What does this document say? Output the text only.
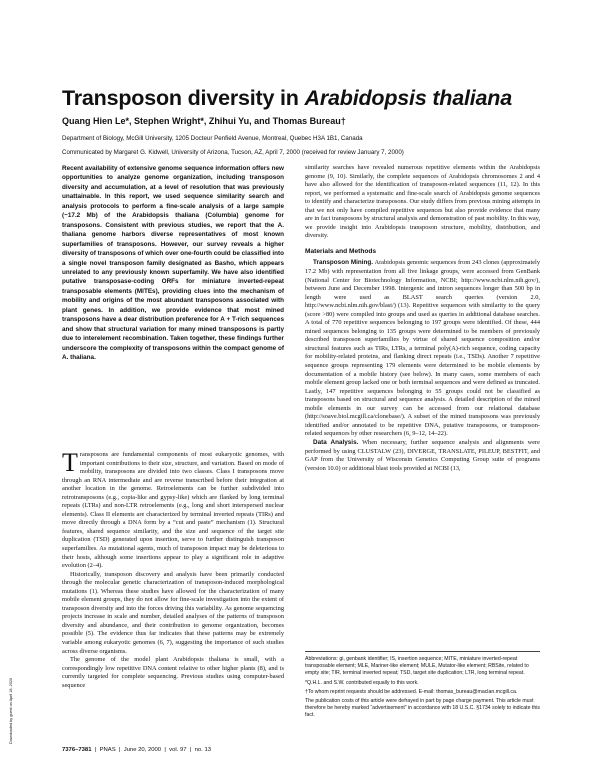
Transposon diversity in Arabidopsis thaliana
Quang Hien Le*, Stephen Wright*, Zhihui Yu, and Thomas Bureau†
Department of Biology, McGill University, 1205 Docteur Penfield Avenue, Montreal, Quebec H3A 1B1, Canada
Communicated by Margaret G. Kidwell, University of Arizona, Tucson, AZ, April 7, 2000 (received for review January 7, 2000)
Recent availability of extensive genome sequence information offers new opportunities to analyze genome organization, including transposon diversity and accumulation, at a level of resolution that was previously unattainable. In this report, we used sequence similarity search and analysis protocols to perform a fine-scale analysis of a large sample (~17.2 Mb) of the Arabidopsis thaliana (Columbia) genome for transposons. Consistent with previous studies, we report that the A. thaliana genome harbors diverse representatives of most known superfamilies of transposons. However, our survey reveals a higher diversity of transposons of which over one-fourth could be classified into a single novel transposon family designated as Basho, which appears unrelated to any previously known superfamily. We have also identified putative transposase-coding ORFs for miniature inverted-repeat transposable elements (MITEs), providing clues into the mechanism of mobility and origins of the most abundant transposons associated with plant genes. In addition, we provide evidence that most mined transposons have a dear distribution preference for A + T-rich sequences and show that structural variation for many mined transposons is partly due to interelement recombination. Taken together, these findings further underscore the complexity of transposons within the compact genome of A. thaliana.

Transposons are fundamental components of most eukaryotic genomes, with important contributions to their size, structure, and variation. Based on mode of mobility, transposons are divided into two classes. Class I transposons move through an RNA intermediate and are reverse transcribed before their integration at another location in the genome. Retroelements can be further subdivided into retrotransposons (e.g., copia-like and gypsy-like) which are flanked by long terminal repeats (LTRs) and non-LTR retroelements (e.g., long and short interspersed nuclear elements). Class II elements are characterized by terminal inverted repeats (TIRs) and move directly through a DNA form by a “cut and paste” mechanism (1). Structural features, shared sequence similarity, and the size and sequence of the target site duplication (TSD) generated upon insertion, serve to further distinguish transposon superfamilies. As mutational agents, much of transposon impact may be deleterious to their hosts, although some insertions appear to play a significant role in adaptive evolution (2–4).

Historically, transposon discovery and analysis have been primarily conducted through the molecular genetic characterization of transposon-induced morphological mutations (1). Whereas these studies have allowed for the characterization of many mobile element groups, they do not allow for fine-scale investigation into the extent of transposon diversity and into the forces driving this variability. As genome sequencing projects increase in scale and number, detailed analyses of the patterns of transposon diversity and abundance, and their contribution to genome organization, becomes possible (5). The evidence thus far indicates that these patterns may be extremely variable among eukaryotic genomes (6, 7), suggesting the importance of such studies across diverse organisms.

The genome of the model plant Arabidopsis thaliana is small, with a correspondingly low repetitive DNA content relative to other higher plants (8), and is currently targeted for complete sequencing. Previous studies using computer-based sequence

similarity searches have revealed numerous repetitive elements within the Arabidopsis genome (9, 10). Similarly, the complete sequences of Arabidopsis chromosomes 2 and 4 have also allowed for the identification of transposon-related sequences (11, 12). In this report, we performed a systematic and fine-scale search of Arabidopsis genome sequences to identify and characterize transposons. Our study differs from previous mining attempts in that we not only have compiled repetitive sequences but also provide evidence that many are in fact transposons by structural analysis and demonstration of past mobility. In this way, we provide insight into Arabidopsis transposon structure, mobility, distribution, and diversity.

Materials and Methods

Transposon Mining. Arabidopsis genomic sequences from 243 clones (approximately 17.2 Mb) with representation from all five linkage groups, were accessed from GenBank (National Center for Biotechnology Information, NCBI; http://www.ncbi.nlm.nih.gov/), between June and December 1998. Intergenic and intron sequences longer than 500 bp in length were used as BLAST search queries (version 2.0, http://www.ncbi.nlm.nih.gov/blast/) (13). Repetitive sequences with similarity to the query (score >80) were compiled into groups and used as queries in additional database searches. A total of 770 repetitive sequences belonging to 197 groups were identified. Of these, 444 mined sequences belonging to 135 groups were determined to be members of previously described transposon superfamilies by virtue of shared sequence composition and/or structural features such as TIRs, LTRs, a terminal poly(A)-rich sequence, coding capacity for mobility-related proteins, and flanking direct repeats (i.e., TSDs). Another 7 repetitive sequence groups representing 179 elements were determined to be mobile elements by documentation of a mobile history (see below). In many cases, some members of each mobile element group lacked one or both terminal sequences and were defined as truncated. Lastly, 147 repetitive sequences belonging to 55 groups could not be classified as transposons based on structural and sequence analysis. A detailed description of the mined mobile elements in our survey can be accessed from our relational database (http://soave.biol.mcgill.ca/clonebase/). A subset of the mined transposons was previously identified and/or annotated to be repetitive DNA, putative transposons, or transposon-related sequences by other researchers (6, 9–12, 14–22).

Data Analysis. When necessary, further sequence analysis and alignments were performed by using CLUSTALW (23), DIVERGE, TRANSLATE, PILEUP, BESTFIT, and GAP from the University of Wisconsin Genetics Computing Group suite of programs (version 10.0) or additional blast tools provided at NCBI (13,

Abbreviations: gi, genbank identifier; IS, insertion sequence; MITE, miniature inverted-repeat transposable element; MLE, Mariner-like element; MULE, Mutator-like element; RBSite, related to empty site; TIR, terminal inverted repeat; TSD, target site duplication; LTR, long terminal repeat.

*Q.H.L. and S.W. contributed equally to this work.

†To whom reprint requests should be addressed. E-mail: thomas_bureau@maclan.mcgill.ca.

The publication costs of this article were defrayed in part by page charge payment. This article must therefore be hereby marked “advertisement” in accordance with 18 U.S.C. §1734 solely to indicate this fact.

7376–7381  |  PNAS  |  June 20, 2000  |  vol. 97  |  no. 13
Downloaded by guest on April 18, 2020
